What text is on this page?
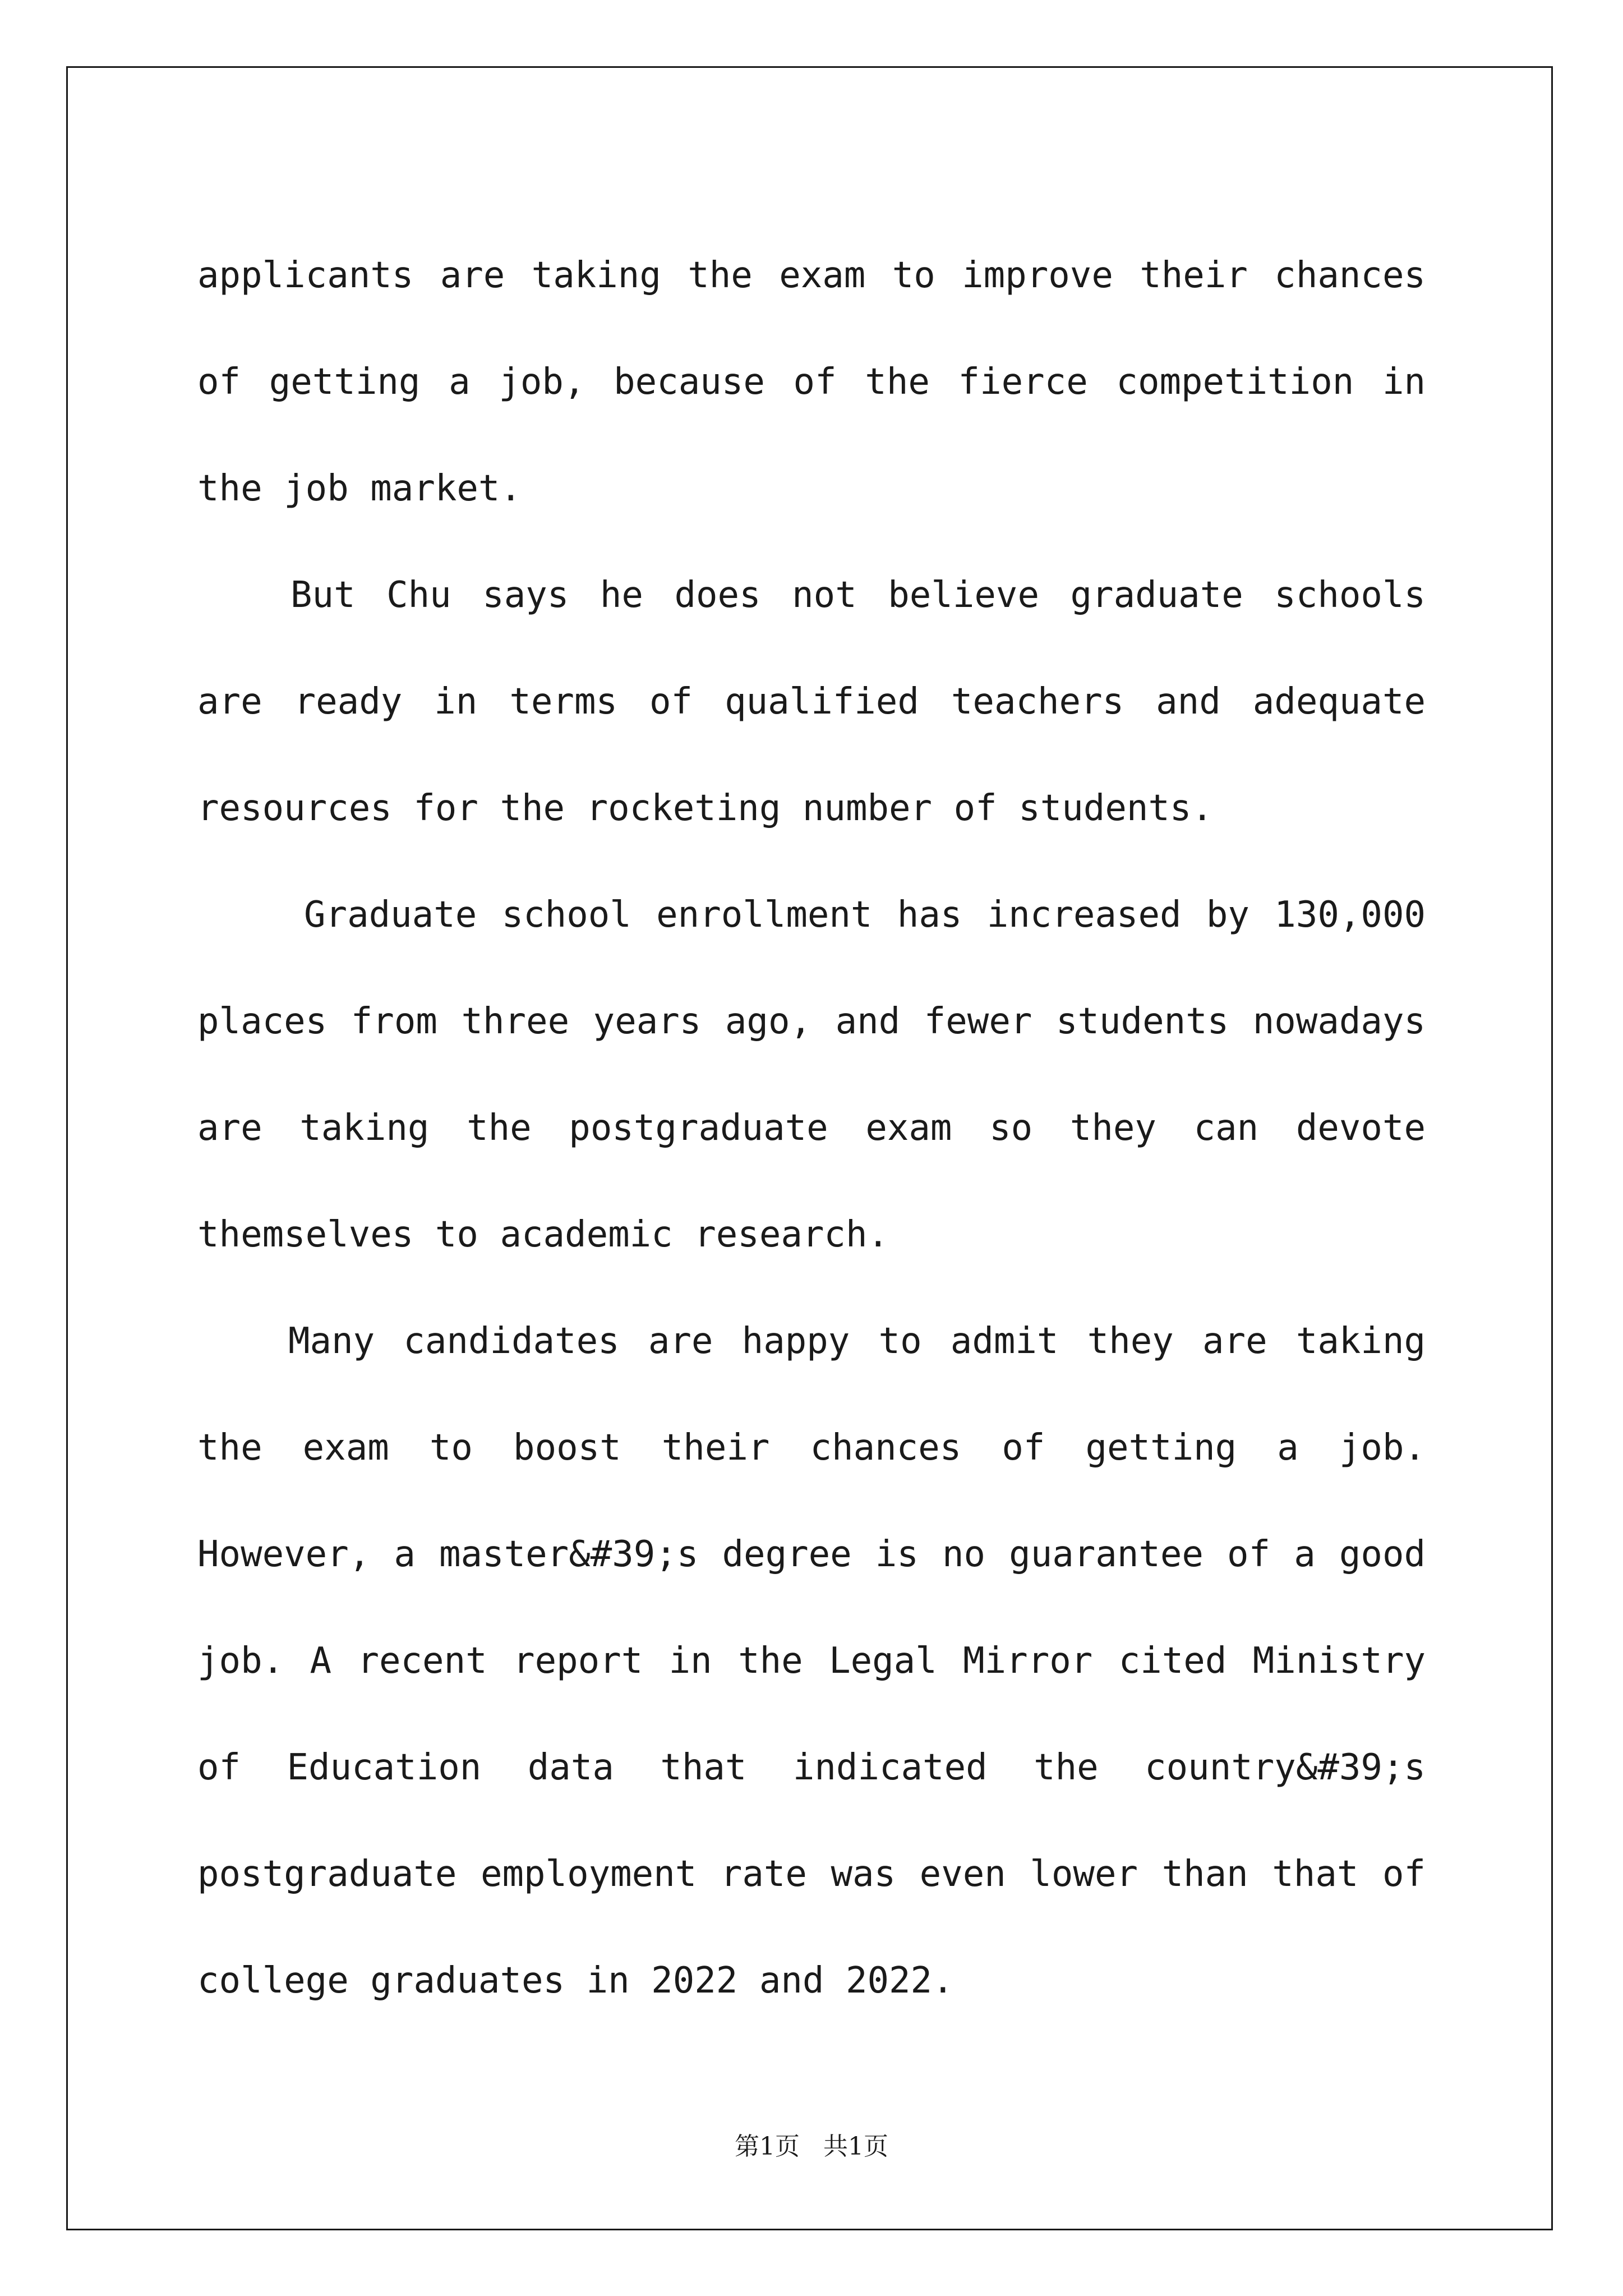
applicants are taking the exam to improve their chances of getting a job, because of the fierce competition in the job market.

But Chu says he does not believe graduate schools are ready in terms of qualified teachers and adequate resources for the rocketing number of students.

Graduate school enrollment has increased by 130,000 places from three years ago, and fewer students nowadays are taking the postgraduate exam so they can devote themselves to academic research.

Many candidates are happy to admit they are taking the exam to boost their chances of getting a job. However, a master&#39;s degree is no guarantee of a good job. A recent report in the Legal Mirror cited Ministry of Education data that indicated the country&#39;s postgraduate employment rate was even lower than that of college graduates in 2022 and 2022.

第1页   共1页
